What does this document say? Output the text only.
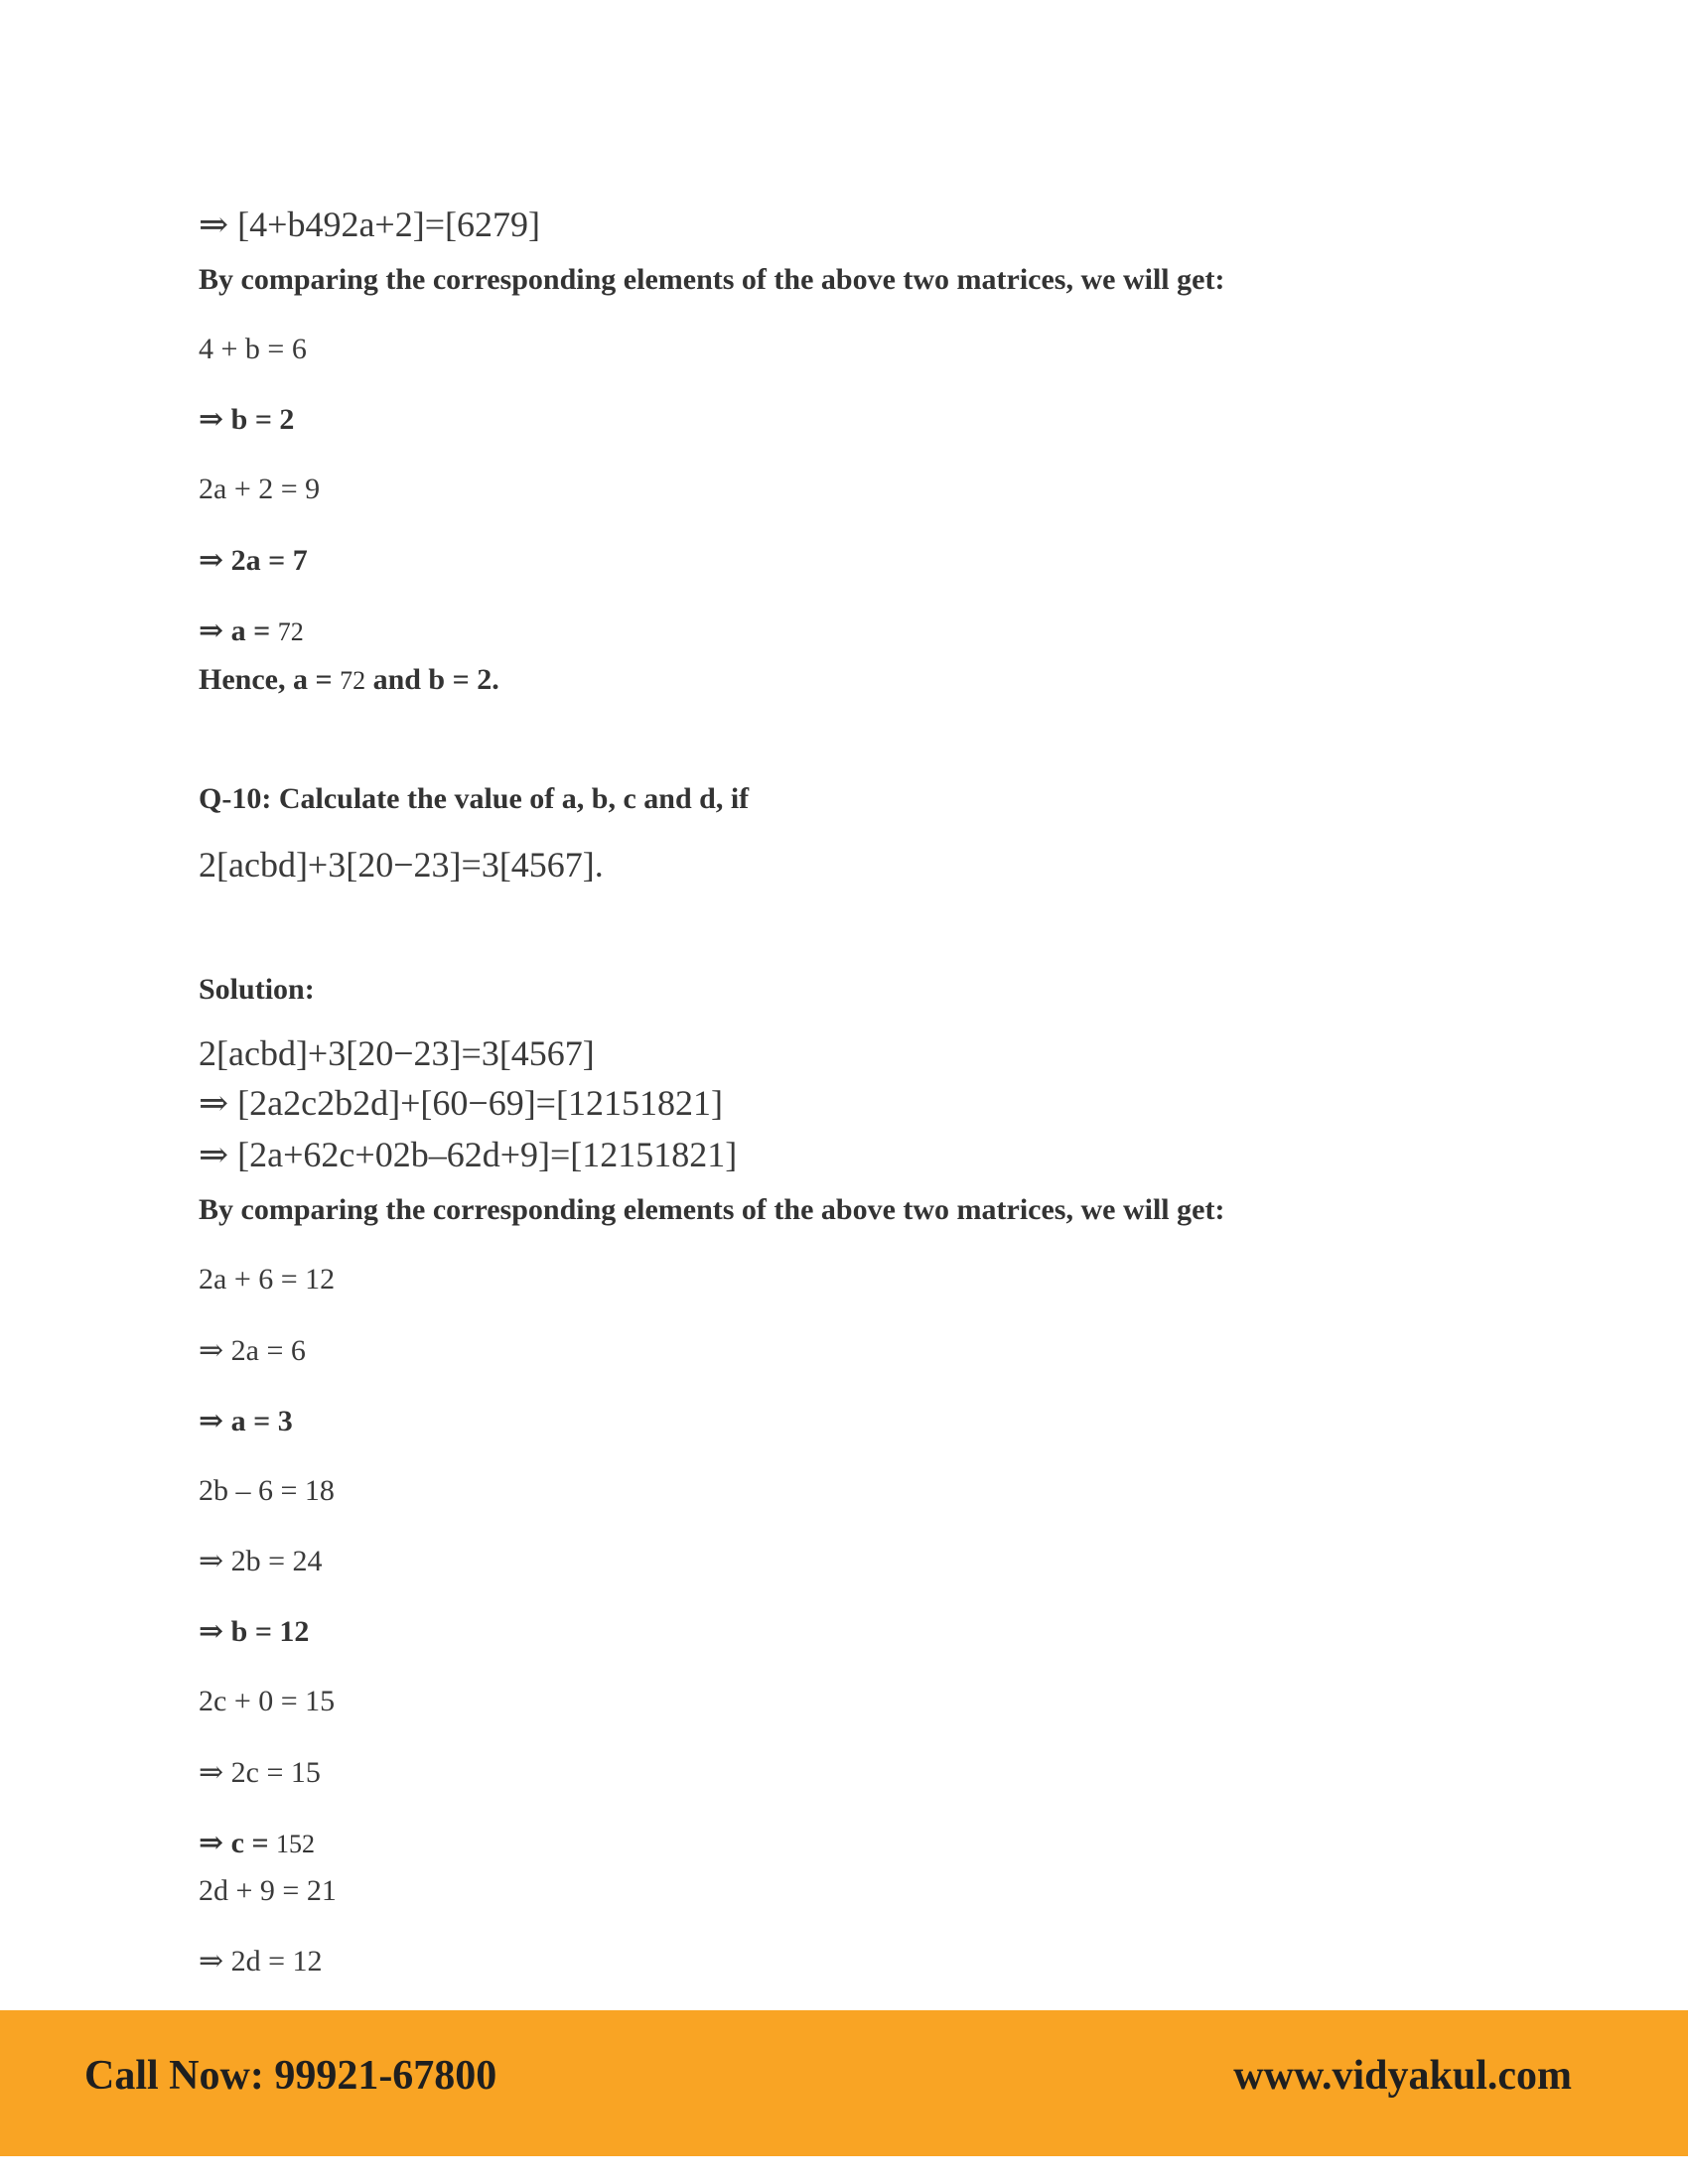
⇒ [4+b492a+2]=[6279]
By comparing the corresponding elements of the above two matrices, we will get:
4 + b = 6
⇒ b = 2
2a + 2 = 9
⇒ 2a = 7
⇒ a = 72
Hence, a = 72 and b = 2.
Q-10: Calculate the value of a, b, c and d, if
2[acbd]+3[20−23]=3[4567].
Solution:
2[acbd]+3[20−23]=3[4567]
⇒ [2a2c2b2d]+[60−69]=[12151821]
⇒ [2a+62c+02b–62d+9]=[12151821]
By comparing the corresponding elements of the above two matrices, we will get:
2a + 6 = 12
⇒ 2a = 6
⇒ a = 3
2b – 6 = 18
⇒ 2b = 24
⇒ b = 12
2c + 0 = 15
⇒ 2c = 15
⇒ c = 152
2d + 9 = 21
⇒ 2d = 12
Call Now: 99921-67800	www.vidyakul.com
